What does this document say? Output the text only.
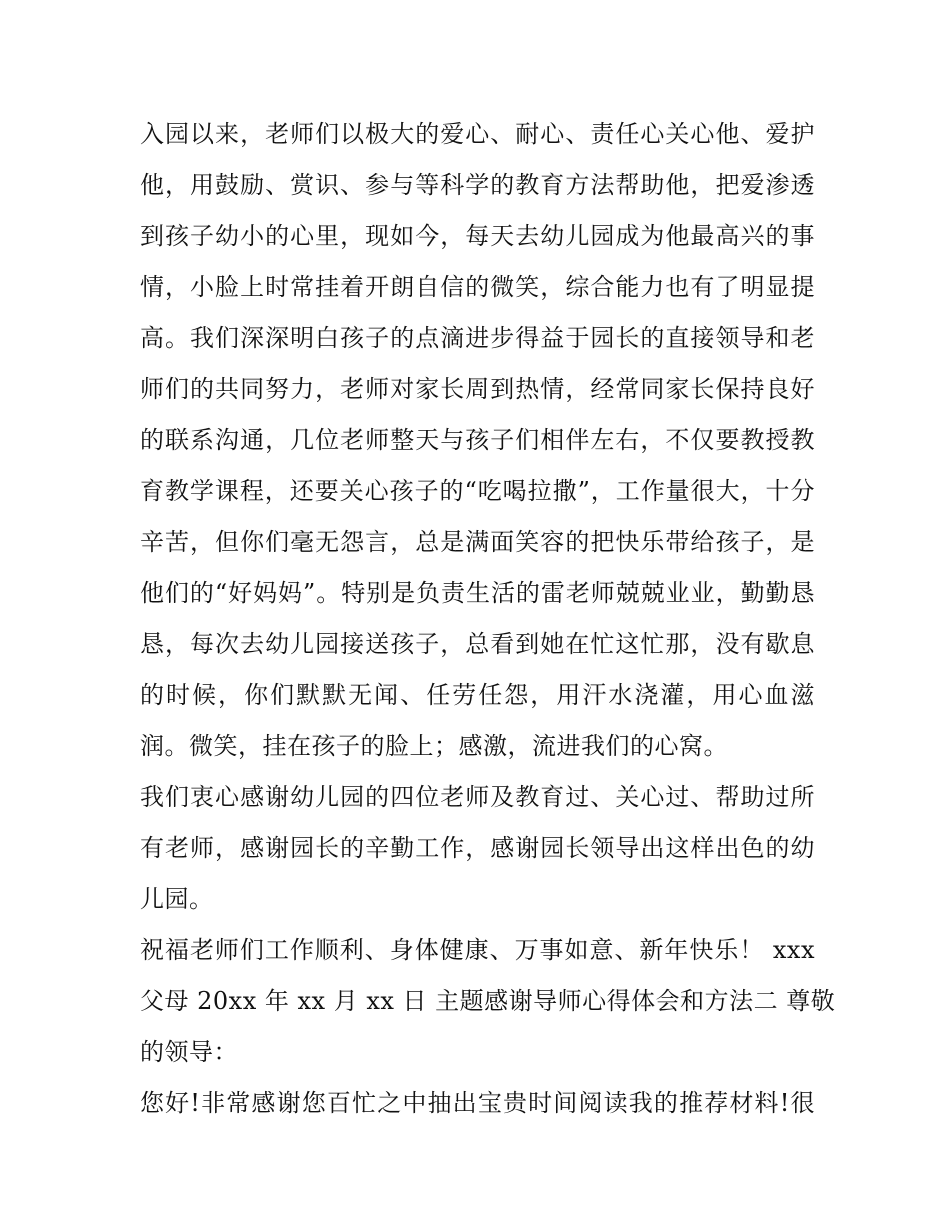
入园以来，老师们以极大的爱心、耐心、责任心关心他、爱护
他，用鼓励、赏识、参与等科学的教育方法帮助他，把爱渗透
到孩子幼小的心里，现如今，每天去幼儿园成为他最高兴的事
情，小脸上时常挂着开朗自信的微笑，综合能力也有了明显提
高。我们深深明白孩子的点滴进步得益于园长的直接领导和老
师们的共同努力，老师对家长周到热情，经常同家长保持良好
的联系沟通，几位老师整天与孩子们相伴左右，不仅要教授教
育教学课程，还要关心孩子的“吃喝拉撒”，工作量很大，十分
辛苦，但你们毫无怨言，总是满面笑容的把快乐带给孩子，是
他们的“好妈妈”。特别是负责生活的雷老师兢兢业业，勤勤恳
恳，每次去幼儿园接送孩子，总看到她在忙这忙那，没有歇息
的时候，你们默默无闻、任劳任怨，用汗水浇灌，用心血滋
润。微笑，挂在孩子的脸上；感激，流进我们的心窝。
我们衷心感谢幼儿园的四位老师及教育过、关心过、帮助过所
有老师，感谢园长的辛勤工作，感谢园长领导出这样出色的幼
儿园。
祝福老师们工作顺利、身体健康、万事如意、新年快乐！ xxx
父母 20xx 年 xx 月 xx 日 主题感谢导师心得体会和方法二 尊敬
的领导：
您好!非常感谢您百忙之中抽出宝贵时间阅读我的推荐材料!很
